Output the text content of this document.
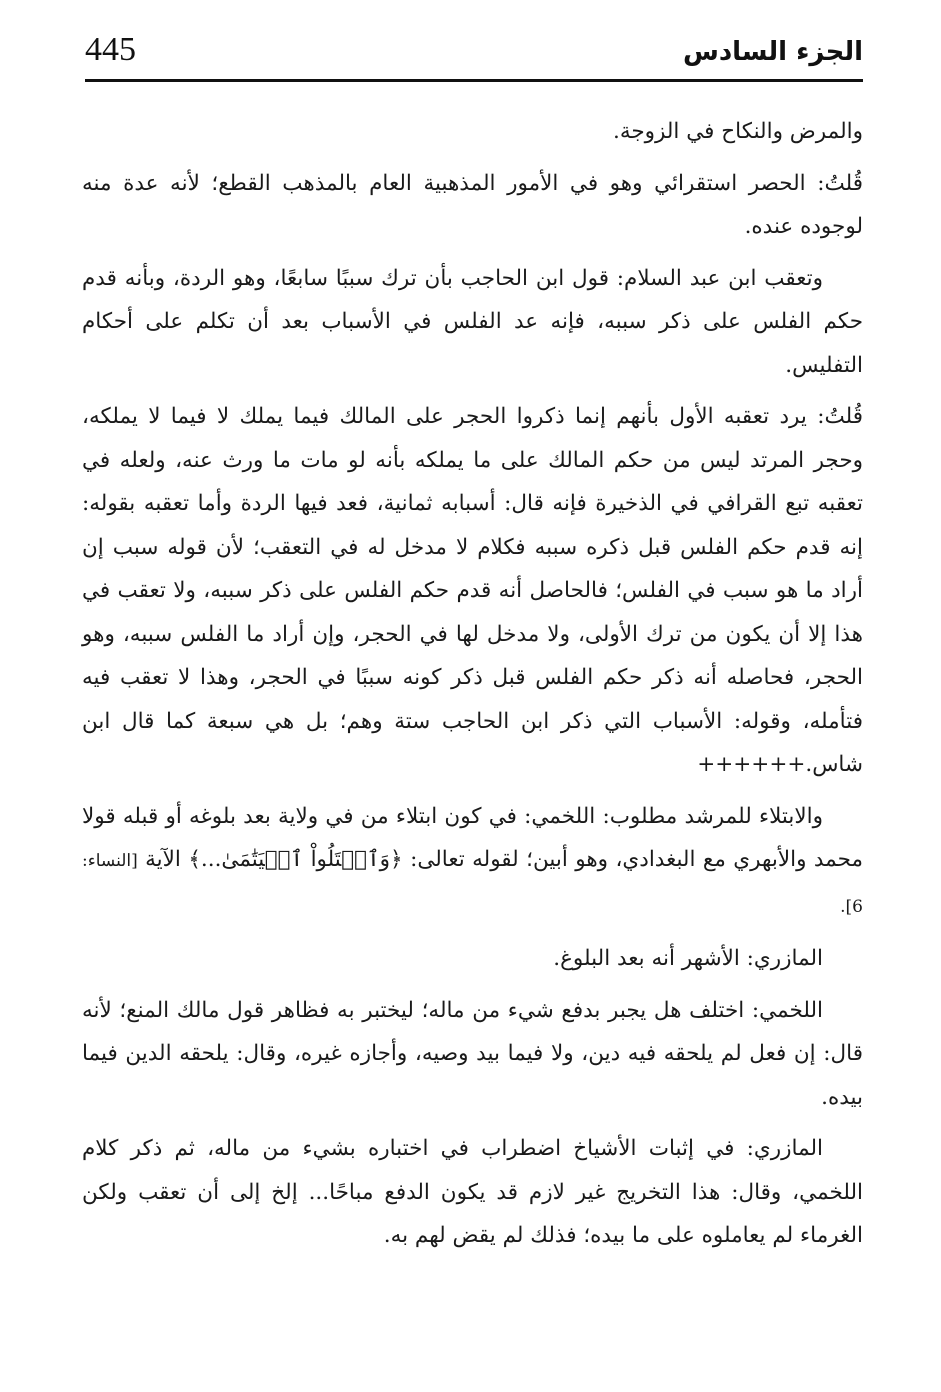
445	الجزء السادس

والمرض والنكاح في الزوجة.

قُلتُ: الحصر استقرائي وهو في الأمور المذهبية العام بالمذهب القطع؛ لأنه عدة منه لوجوده عنده.

وتعقب ابن عبد السلام: قول ابن الحاجب بأن ترك سببًا سابعًا، وهو الردة، وبأنه قدم حكم الفلس على ذكر سببه، فإنه عد الفلس في الأسباب بعد أن تكلم على أحكام التفليس.

قُلتُ: يرد تعقبه الأول بأنهم إنما ذكروا الحجر على المالك فيما يملك لا فيما لا يملكه، وحجر المرتد ليس من حكم المالك على ما يملكه بأنه لو مات ما ورث عنه، ولعله في تعقبه تبع القرافي في الذخيرة فإنه قال: أسبابه ثمانية، فعد فيها الردة وأما تعقبه بقوله: إنه قدم حكم الفلس قبل ذكره سببه فكلام لا مدخل له في التعقب؛ لأن قوله سبب إن أراد ما هو سبب في الفلس؛ فالحاصل أنه قدم حكم الفلس على ذكر سببه، ولا تعقب في هذا إلا أن يكون من ترك الأولى، ولا مدخل لها في الحجر، وإن أراد ما الفلس سببه، وهو الحجر، فحاصله أنه ذكر حكم الفلس قبل ذكر كونه سببًا في الحجر، وهذا لا تعقب فيه فتأمله، وقوله: الأسباب التي ذكر ابن الحاجب ستة وهم؛ بل هي سبعة كما قال ابن شاس.++++++

والابتلاء للمرشد مطلوب: اللخمي: في كون ابتلاء من في ولاية بعد بلوغه أو قبله قولا محمد والأبهري مع البغدادي، وهو أبين؛ لقوله تعالى: ﴿وَٱبۡتَلُواْ ٱلۡيَتَٰمَىٰ...﴾ الآية [النساء: 6].

المازري: الأشهر أنه بعد البلوغ.

اللخمي: اختلف هل يجبر بدفع شيء من ماله؛ ليختبر به فظاهر قول مالك المنع؛ لأنه قال: إن فعل لم يلحقه فيه دين، ولا فيما بيد وصيه، وأجازه غيره، وقال: يلحقه الدين فيما بيده.

المازري: في إثبات الأشياخ اضطراب في اختباره بشيء من ماله، ثم ذكر كلام اللخمي، وقال: هذا التخريج غير لازم قد يكون الدفع مباحًا... إلخ إلى أن تعقب ولكن الغرماء لم يعاملوه على ما بيده؛ فذلك لم يقض لهم به.
